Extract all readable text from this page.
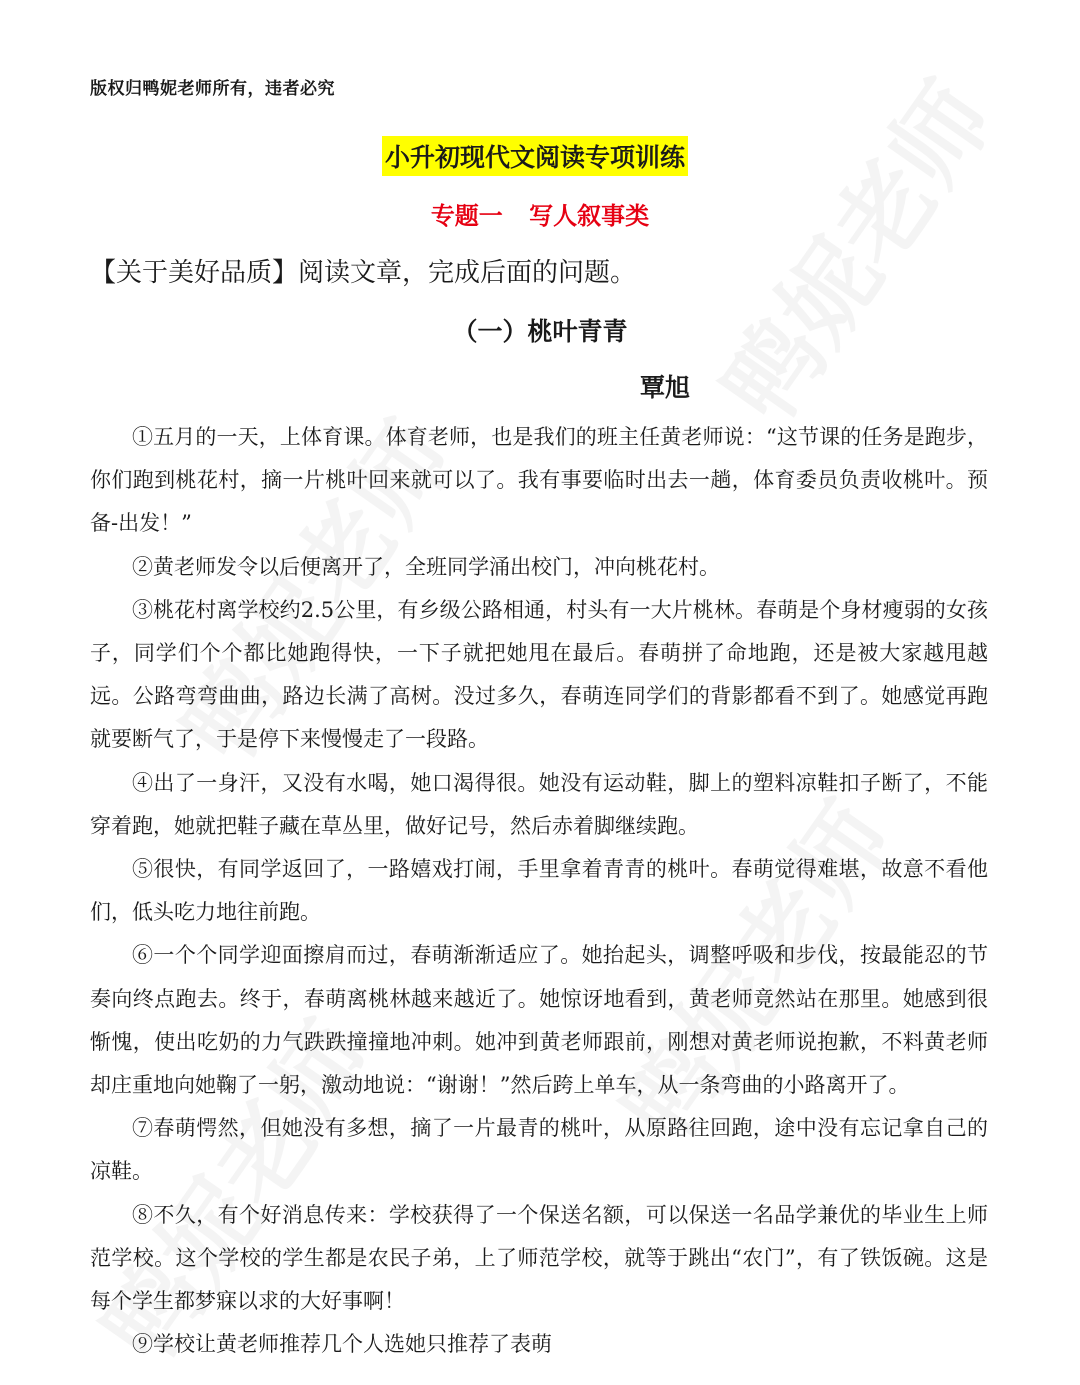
版权归鸭妮老师所有，违者必究
小升初现代文阅读专项训练
专题一 写人叙事类
【关于美好品质】阅读文章，完成后面的问题。
（一）桃叶青青
覃旭

①五月的一天，上体育课。体育老师，也是我们的班主任黄老师说：“这节课的任务是跑步，你们跑到桃花村，摘一片桃叶回来就可以了。我有事要临时出去一趟，体育委员负责收桃叶。预备-出发！”

②黄老师发令以后便离开了，全班同学涌出校门，冲向桃花村。

③桃花村离学校约2.5公里，有乡级公路相通，村头有一大片桃林。春萌是个身材瘦弱的女孩子，同学们个个都比她跑得快，一下子就把她甩在最后。春萌拼了命地跑，还是被大家越甩越远。公路弯弯曲曲，路边长满了高树。没过多久，春萌连同学们的背影都看不到了。她感觉再跑就要断气了，于是停下来慢慢走了一段路。

④出了一身汗，又没有水喝，她口渴得很。她没有运动鞋，脚上的塑料凉鞋扣子断了，不能穿着跑，她就把鞋子藏在草丛里，做好记号，然后赤着脚继续跑。

⑤很快，有同学返回了，一路嬉戏打闹，手里拿着青青的桃叶。春萌觉得难堪，故意不看他们，低头吃力地往前跑。

⑥一个个同学迎面擦肩而过，春萌渐渐适应了。她抬起头，调整呼吸和步伐，按最能忍的节奏向终点跑去。终于，春萌离桃林越来越近了。她惊讶地看到，黄老师竟然站在那里。她感到很惭愧，使出吃奶的力气跌跌撞撞地冲刺。她冲到黄老师跟前，刚想对黄老师说抱歉，不料黄老师却庄重地向她鞠了一躬，激动地说：“谢谢！”然后跨上单车，从一条弯曲的小路离开了。

⑦春萌愕然，但她没有多想，摘了一片最青的桃叶，从原路往回跑，途中没有忘记拿自己的凉鞋。

⑧不久，有个好消息传来：学校获得了一个保送名额，可以保送一名品学兼优的毕业生上师范学校。这个学校的学生都是农民子弟，上了师范学校，就等于跳出“农门”，有了铁饭碗。这是每个学生都梦寐以求的大好事啊！

⑨学校让黄老师推荐几个人选她只推荐了表萌
